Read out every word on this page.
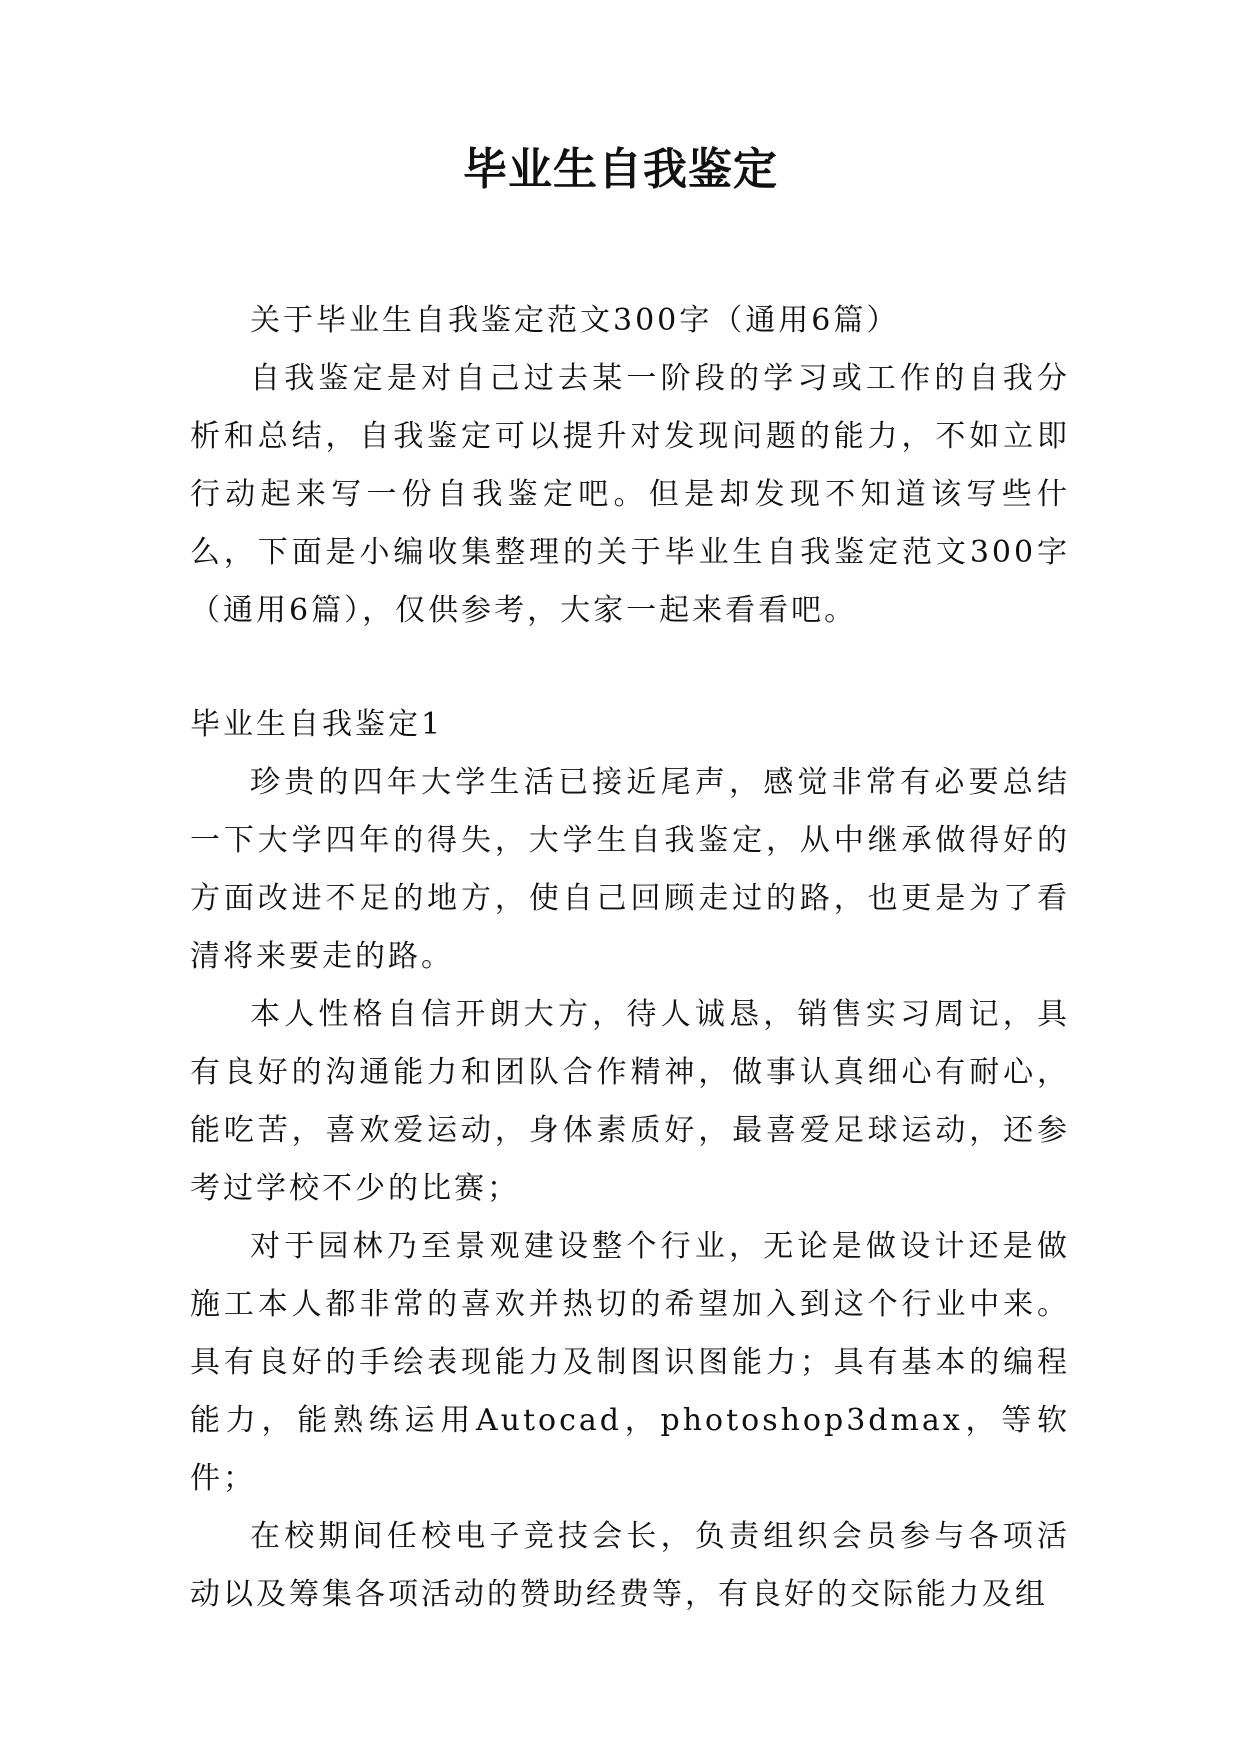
毕业生自我鉴定

关于毕业生自我鉴定范文300字（通用6篇）

自我鉴定是对自己过去某一阶段的学习或工作的自我分析和总结，自我鉴定可以提升对发现问题的能力，不如立即行动起来写一份自我鉴定吧。但是却发现不知道该写些什么，下面是小编收集整理的关于毕业生自我鉴定范文300字（通用6篇），仅供参考，大家一起来看看吧。

毕业生自我鉴定1

珍贵的四年大学生活已接近尾声，感觉非常有必要总结一下大学四年的得失，大学生自我鉴定，从中继承做得好的方面改进不足的地方，使自己回顾走过的路，也更是为了看清将来要走的路。

本人性格自信开朗大方，待人诚恳，销售实习周记，具有良好的沟通能力和团队合作精神，做事认真细心有耐心，能吃苦，喜欢爱运动，身体素质好，最喜爱足球运动，还参考过学校不少的比赛；

对于园林乃至景观建设整个行业，无论是做设计还是做施工本人都非常的喜欢并热切的希望加入到这个行业中来。具有良好的手绘表现能力及制图识图能力；具有基本的编程能力，能熟练运用Autocad，photoshop3dmax，等软件；

在校期间任校电子竞技会长，负责组织会员参与各项活动以及筹集各项活动的赞助经费等，有良好的交际能力及组
